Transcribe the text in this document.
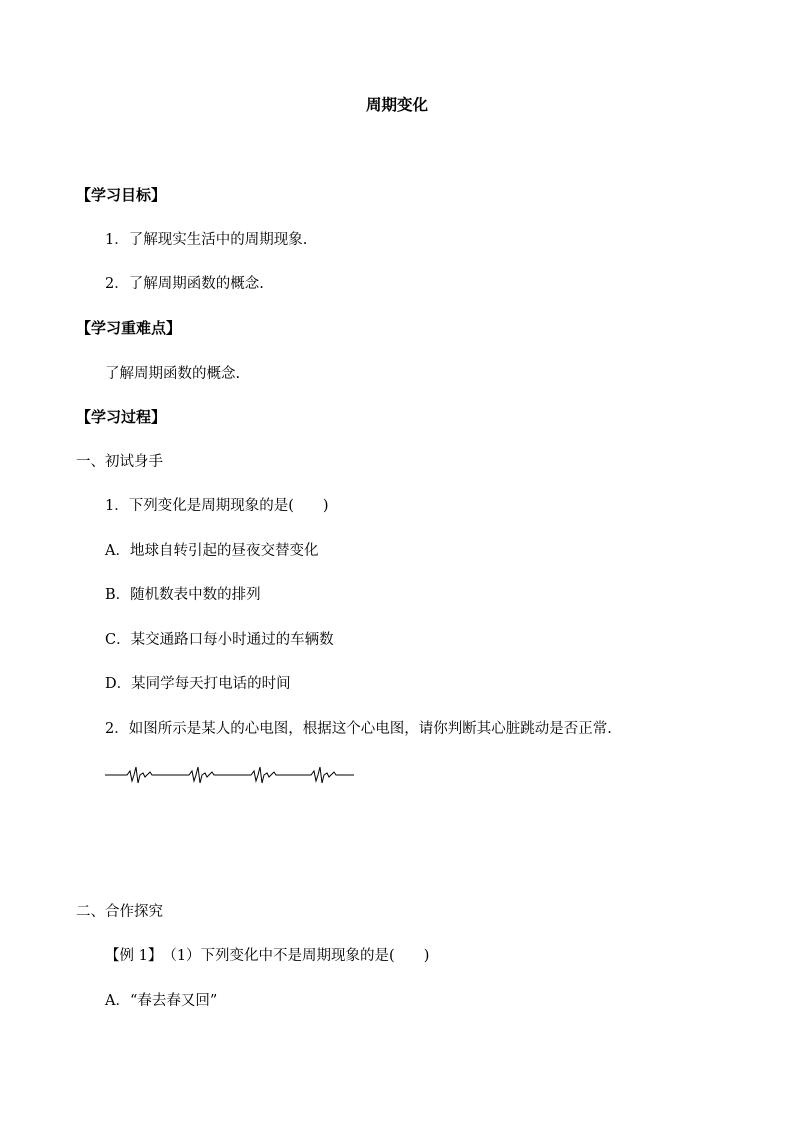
周期变化
【学习目标】
1．了解现实生活中的周期现象.
2．了解周期函数的概念.
【学习重难点】
了解周期函数的概念.
【学习过程】
一、初试身手
1．下列变化是周期现象的是(　　)
A．地球自转引起的昼夜交替变化
B．随机数表中数的排列
C．某交通路口每小时通过的车辆数
D．某同学每天打电话的时间
2．如图所示是某人的心电图，根据这个心电图，请你判断其心脏跳动是否正常.
二、合作探究
【例 1】　（1）下列变化中不是周期现象的是(　　)
A．“春去春又回”
